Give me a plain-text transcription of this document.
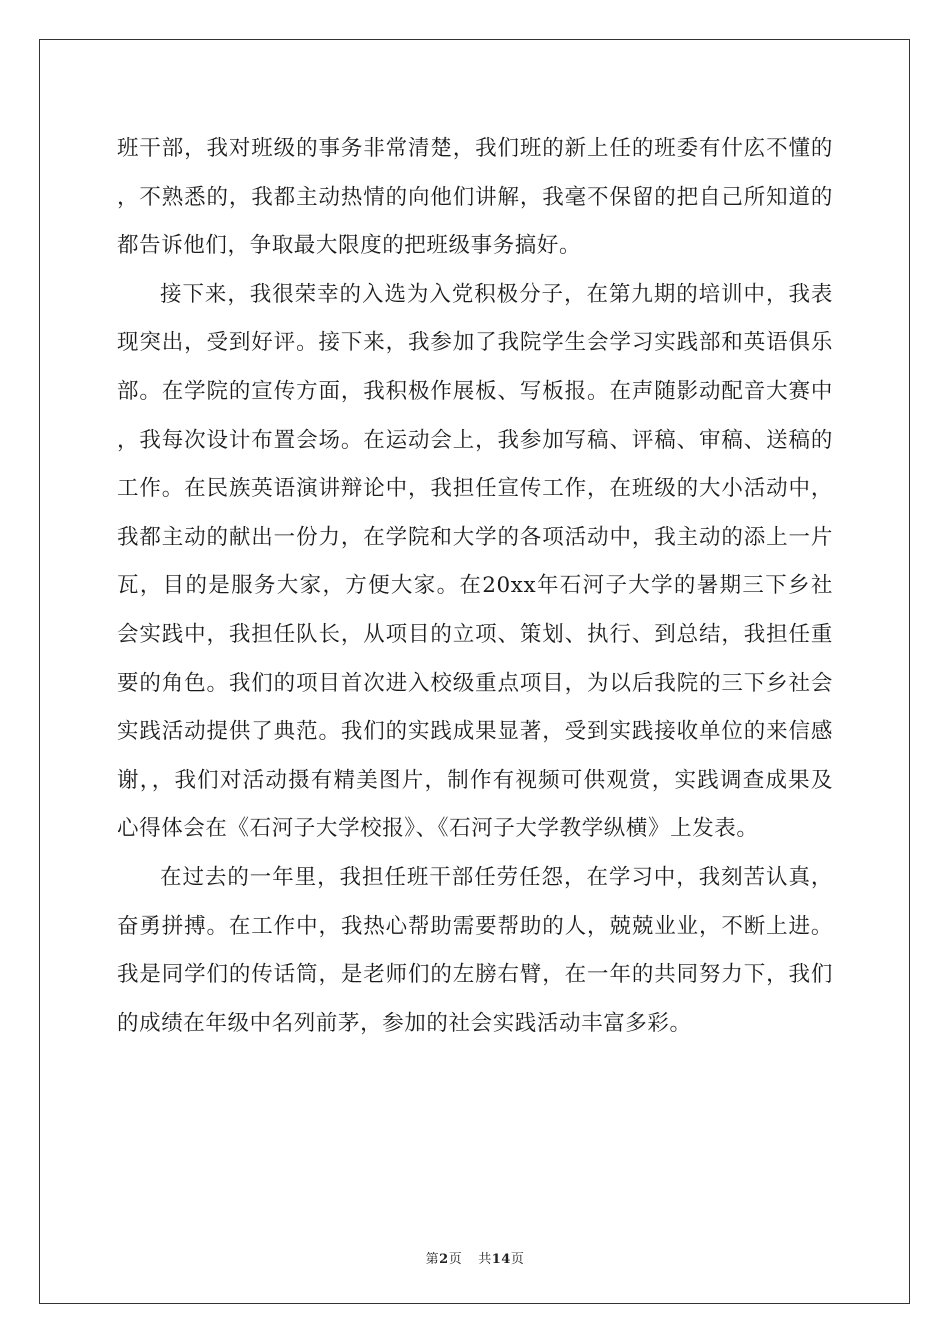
班干部，我对班级的事务非常清楚，我们班的新上任的班委有什庅不懂的，不熟悉的，我都主动热情的向他们讲解，我毫不保留的把自己所知道的都告诉他们，争取最大限度的把班级事务搞好。

接下来，我很荣幸的入选为入党积极分子，在第九期的培训中，我表现突出，受到好评。接下来，我参加了我院学生会学习实践部和英语俱乐部。在学院的宣传方面，我积极作展板、写板报。在声随影动配音大赛中，我每次设计布置会场。在运动会上，我参加写稿、评稿、审稿、送稿的工作。在民族英语演讲辩论中，我担任宣传工作，在班级的大小活动中，我都主动的献出一份力，在学院和大学的各项活动中，我主动的添上一片瓦，目的是服务大家，方便大家。在20xx年石河子大学的暑期三下乡社会实践中，我担任队长，从项目的立项、策划、执行、到总结，我担任重要的角色。我们的项目首次进入校级重点项目，为以后我院的三下乡社会实践活动提供了典范。我们的实践成果显著，受到实践接收单位的来信感谢，，我们对活动摄有精美图片，制作有视频可供观赏，实践调查成果及心得体会在《石河子大学校报》、《石河子大学教学纵横》上发表。

在过去的一年里，我担任班干部任劳任怨，在学习中，我刻苦认真，奋勇拼搏。在工作中，我热心帮助需要帮助的人，兢兢业业，不断上进。我是同学们的传话筒，是老师们的左膀右臂，在一年的共同努力下，我们的成绩在年级中名列前茅，参加的社会实践活动丰富多彩。

第2页 共14页
